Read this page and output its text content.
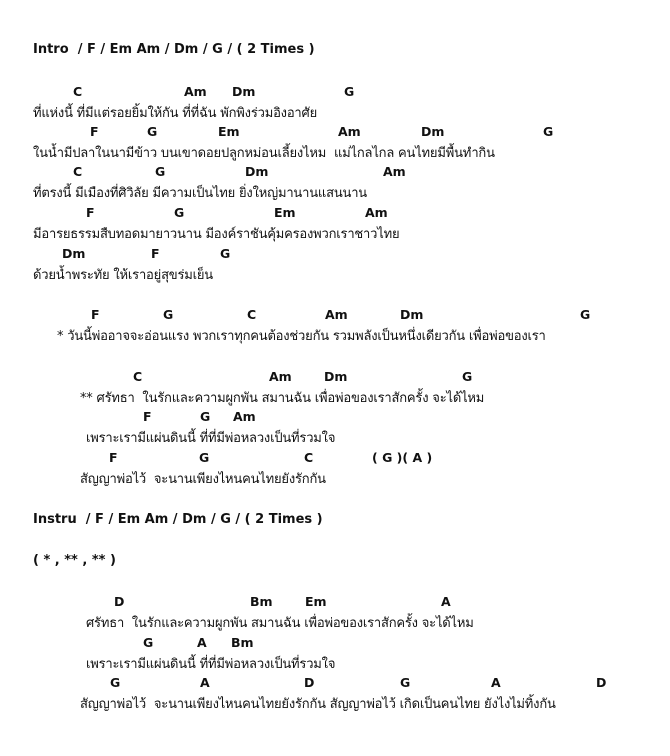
Intro  / F / Em Am / Dm / G / ( 2 Times )
C	Am Dm	G
ที่แห่งนี้ ที่มีแต่รอยยิ้มให้กัน ที่ที่ฉัน พักพิงร่วมอิงอาศัย
F	G	Em	Am	Dm	G
ในน้ำมีปลาในนามีข้าว บนเขาดอยปลูกหม่อนเลี้ยงไหม  แม่ไกลไกล คนไทยมีพื้นทำกิน
C	G	Dm	Am
ที่ตรงนี้ มีเมืองที่ศิวิลัย มีความเป็นไทย ยิ่งใหญ่มานานแสนนาน
F	G	Em	Am
มีอารยธรรมสืบทอดมายาวนาน มีองค์ราชันคุ้มครองพวกเราชาวไทย
Dm	F	G
ด้วยน้ำพระทัย ให้เราอยู่สุขร่มเย็น
F	G	C	Am	Dm	G
* วันนี้พ่ออาจจะอ่อนแรง พวกเราทุกคนต้องช่วยกัน รวมพลังเป็นหนึ่งเดียวกัน เพื่อพ่อของเรา
C	Am	Dm	G
** ศรัทธา  ในรักและความผูกพัน สมานฉัน เพื่อพ่อของเราสักครั้ง จะได้ไหม
F	G Am
เพราะเรามีแผ่นดินนี้ ที่ที่มีพ่อหลวงเป็นที่รวมใจ
F	G	C	( G )( A )
สัญญาพ่อไว้  จะนานเพียงไหนคนไทยยังรักกัน
Instru  / F / Em Am / Dm / G / ( 2 Times )
( * , ** , ** )
D	Bm	Em	A
ศรัทธา  ในรักและความผูกพัน สมานฉัน เพื่อพ่อของเราสักครั้ง จะได้ไหม
G	A Bm
เพราะเรามีแผ่นดินนี้ ที่ที่มีพ่อหลวงเป็นที่รวมใจ
G	A	D	G	A	D
สัญญาพ่อไว้  จะนานเพียงไหนคนไทยยังรักกัน สัญญาพ่อไว้ เกิดเป็นคนไทย ยังไงไม่ทิ้งกัน
